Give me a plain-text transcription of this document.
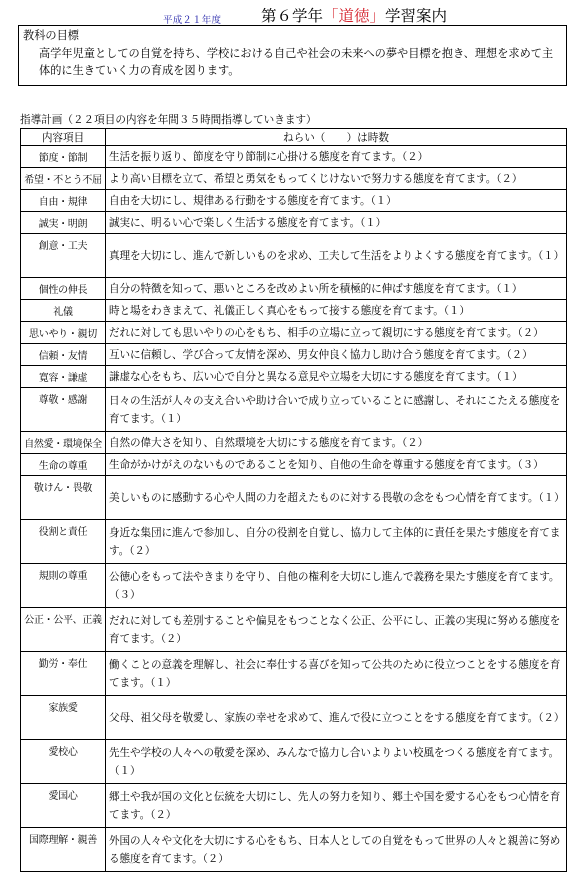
平成２１年度	第６学年「道徳」学習案内
教科の目標
高学年児童としての自覚を持ち、学校における自己や社会の未来への夢や目標を抱き、理想を求めて主体的に生きていく力の育成を図ります。
指導計画（２２項目の内容を年間３５時間指導していきます）
内容項目	ねらい（　　）は時数
節度・節制	生活を振り返り、節度を守り節制に心掛ける態度を育てます。（２）
希望・不とう不屈	より高い目標を立て、希望と勇気をもってくじけないで努力する態度を育てます。（２）
自由・規律	自由を大切にし、規律ある行動をする態度を育てます。（１）
誠実・明朗	誠実に、明るい心で楽しく生活する態度を育てます。（１）
創意・工夫	真理を大切にし、進んで新しいものを求め、工夫して生活をよりよくする態度を育てます。（１）
個性の伸長	自分の特徴を知って、悪いところを改めよい所を積極的に伸ばす態度を育てます。（１）
礼儀	時と場をわきまえて、礼儀正しく真心をもって接する態度を育てます。（１）
思いやり・親切	だれに対しても思いやりの心をもち、相手の立場に立って親切にする態度を育てます。（２）
信頼・友情	互いに信頼し、学び合って友情を深め、男女仲良く協力し助け合う態度を育てます。（２）
寛容・謙虚	謙虚な心をもち、広い心で自分と異なる意見や立場を大切にする態度を育てます。（１）
尊敬・感謝	日々の生活が人々の支え合いや助け合いで成り立っていることに感謝し、それにこたえる態度を育てます。（１）
自然愛・環境保全	自然の偉大さを知り、自然環境を大切にする態度を育てます。（２）
生命の尊重	生命がかけがえのないものであることを知り、自他の生命を尊重する態度を育てます。（３）
敬けん・畏敬	美しいものに感動する心や人間の力を超えたものに対する畏敬の念をもつ心情を育てます。（１）
役割と責任	身近な集団に進んで参加し、自分の役割を自覚し、協力して主体的に責任を果たす態度を育てます。（２）
規則の尊重	公徳心をもって法やきまりを守り、自他の権利を大切にし進んで義務を果たす態度を育てます。（３）
公正・公平、正義	だれに対しても差別することや偏見をもつことなく公正、公平にし、正義の実現に努める態度を育てます。（２）
勤労・奉仕	働くことの意義を理解し、社会に奉仕する喜びを知って公共のために役立つことをする態度を育てます。（１）
家族愛	父母、祖父母を敬愛し、家族の幸せを求めて、進んで役に立つことをする態度を育てます。（２）
愛校心	先生や学校の人々への敬愛を深め、みんなで協力し合いよりよい校風をつくる態度を育てます。（１）
愛国心	郷土や我が国の文化と伝統を大切にし、先人の努力を知り、郷土や国を愛する心をもつ心情を育てます。（２）
国際理解・親善	外国の人々や文化を大切にする心をもち、日本人としての自覚をもって世界の人々と親善に努める態度を育てます。（２）
